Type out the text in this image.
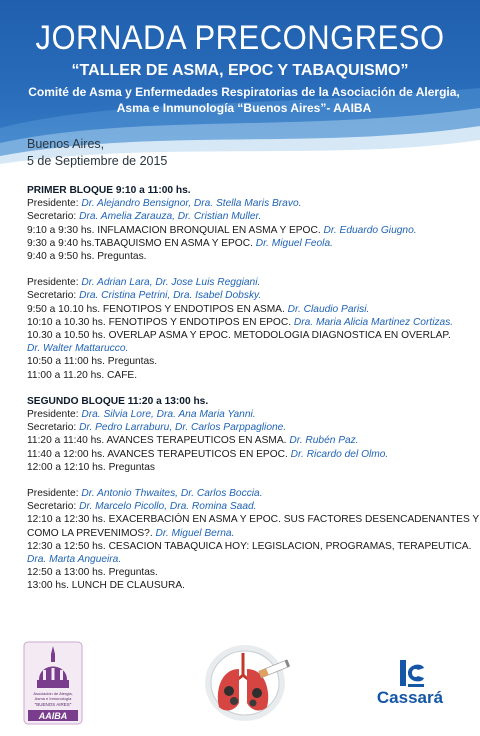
JORNADA PRECONGRESO
“TALLER DE ASMA, EPOC Y TABAQUISMO”
Comité de Asma y Enfermedades Respiratorias de la Asociación de Alergia,
Asma e Inmunología “Buenos Aires”- AAIBA
Buenos Aires,
5 de Septiembre de 2015
PRIMER BLOQUE 9:10 a 11:00 hs.
Presidente: Dr. Alejandro Bensignor, Dra. Stella Maris Bravo.
Secretario: Dra. Amelia Zarauza, Dr. Cristian Muller.
9:10 a 9:30 hs. INFLAMACION BRONQUIAL EN ASMA Y EPOC. Dr. Eduardo Giugno.
9:30 a 9:40 hs.TABAQUISMO EN ASMA Y EPOC. Dr. Miguel Feola.
9:40 a 9:50 hs. Preguntas.
Presidente: Dr. Adrian Lara, Dr. Jose Luis Reggiani.
Secretario: Dra. Cristina Petrini, Dra. Isabel Dobsky.
9:50 a 10.10 hs. FENOTIPOS Y ENDOTIPOS EN ASMA. Dr. Claudio Parisi.
10:10 a 10.30 hs. FENOTIPOS Y ENDOTIPOS EN EPOC. Dra. Maria Alicia Martinez Cortizas.
10.30 a 10.50 hs. OVERLAP ASMA Y EPOC. METODOLOGIA DIAGNOSTICA EN OVERLAP.
Dr. Walter Mattarucco.
10:50 a 11:00 hs. Preguntas.
11:00 a 11.20 hs. CAFE.
SEGUNDO BLOQUE 11:20 a 13:00 hs.
Presidente: Dra. Silvia Lore, Dra. Ana Maria Yanni.
Secretario: Dr. Pedro Larraburu, Dr. Carlos Parppaglione.
11:20 a 11:40 hs. AVANCES TERAPEUTICOS EN ASMA. Dr. Rubén Paz.
11:40 a 12:00 hs. AVANCES TERAPEUTICOS EN EPOC. Dr. Ricardo del Olmo.
12:00 a 12:10 hs. Preguntas
Presidente: Dr. Antonio Thwaites, Dr. Carlos Boccia.
Secretario: Dr. Marcelo Picollo, Dra. Romina Saad.
12:10 a 12:30 hs. EXACERBACIÓN EN ASMA Y EPOC. SUS FACTORES DESENCADENANTES Y
COMO LA PREVENIMOS?. Dr. Miguel Berna.
12:30 a 12:50 hs. CESACION TABAQUICA HOY: LEGISLACION, PROGRAMAS, TERAPEUTICA.
Dra. Marta Angueira.
12:50 a 13:00 hs. Preguntas.
13:00 hs. LUNCH DE CLAUSURA.
Asociación de Alergia,
Asma e Inmunología
"BUENOS AIRES"
AAIBA
Cassará
